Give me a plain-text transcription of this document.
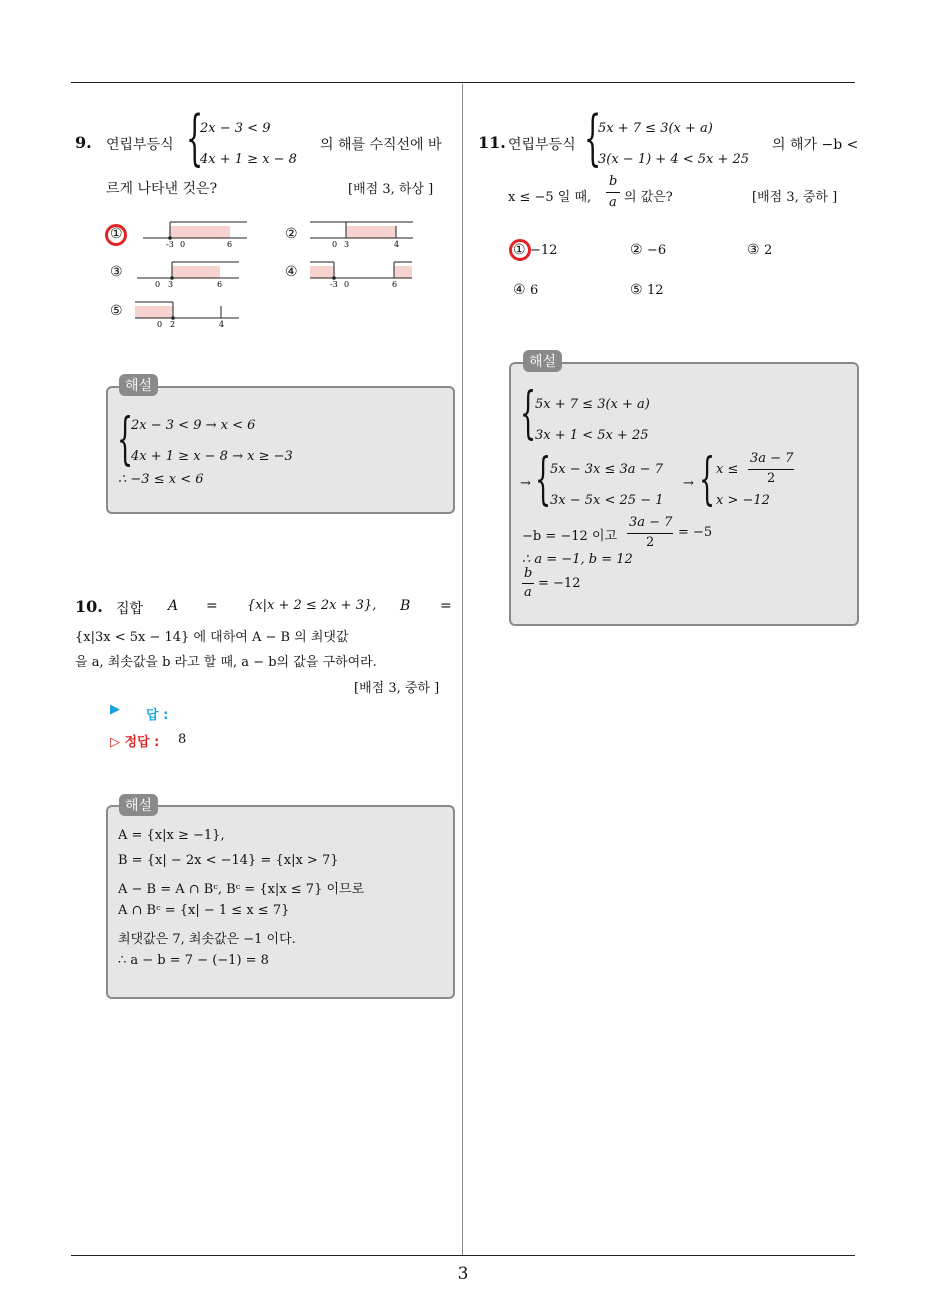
3
9. 연립부등식 {
2x − 3 < 9
4x + 1 ≥ x − 8
의 해를 수직선에 바
르게 나타낸 것은?	[배점 3, 하상 ]
①	②
③	④
⑤
-3 0	6	0 3	4
0 3	6	-3 0	6
0 2	4
해설
{
2x − 3 < 9 → x < 6
4x + 1 ≥ x − 8 → x ≥ −3
∴ −3 ≤ x < 6
10. 집합 A = {x|x + 2 ≤ 2x + 3}, B =
{x|3x < 5x − 14} 에 대하여 A − B 의 최댓값
을 a, 최솟값을 b 라고 할 때, a − b의 값을 구하여라.
[배점 3, 중하 ]
▶ 답 :
▷ 정답 : 8
해설
A = {x|x ≥ −1},
B = {x| − 2x < −14} = {x|x > 7}
A − B = A ∩ Bᶜ, Bᶜ = {x|x ≤ 7} 이므로
A ∩ Bᶜ = {x| − 1 ≤ x ≤ 7}
최댓값은 7, 최솟값은 −1 이다.
∴ a − b = 7 − (−1) = 8
11. 연립부등식 {
5x + 7 ≤ 3(x + a)
3(x − 1) + 4 < 5x + 25
의 해가 −b <
x ≤ −5 일 때,
b
a 의 값은?	[배점 3, 중하 ]
① −12	② −6	③ 2
④ 6	⑤ 12
해설
{
5x + 7 ≤ 3(x + a)
3x + 1 < 5x + 25
→ {
5x − 3x ≤ 3a − 7
3x − 5x < 25 − 1
→ { x ≤
3a − 7
2
x > −12
−b = −12 이고
3a − 7
2
= −5
∴ a = −1, b = 12
b
a
= −12
